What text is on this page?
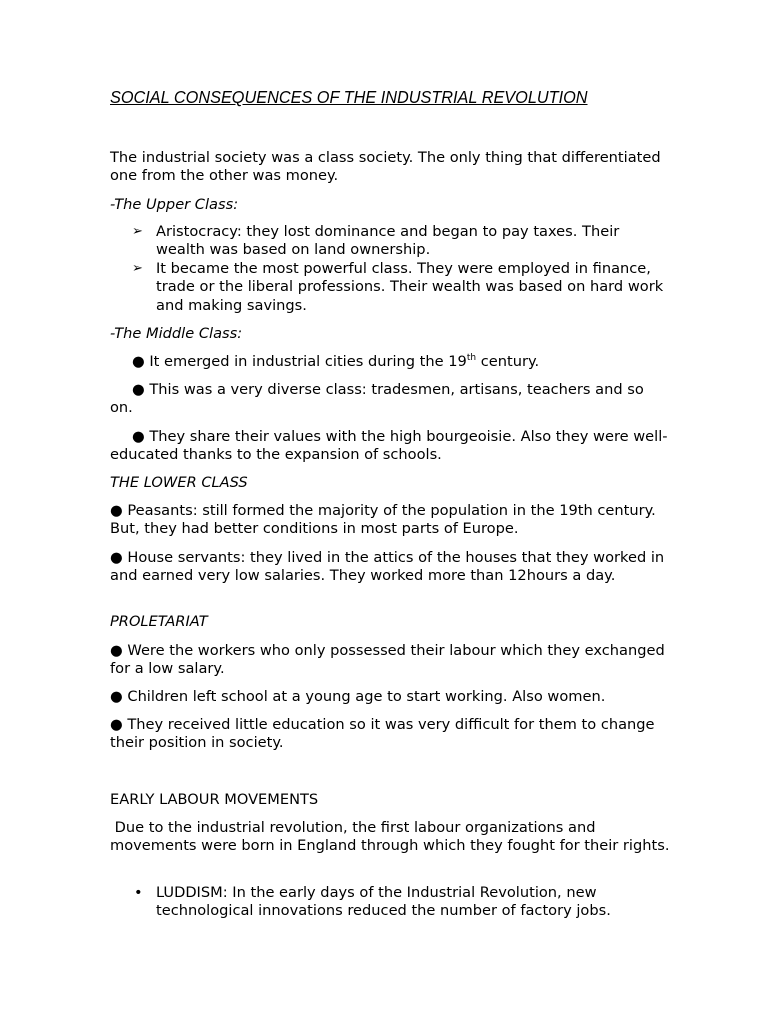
SOCIAL CONSEQUENCES OF THE INDUSTRIAL REVOLUTION

The industrial society was a class society. The only thing that differentiated one from the other was money.

-The Upper Class:

➢ Aristocracy: they lost dominance and began to pay taxes. Their wealth was based on land ownership.
➢ It became the most powerful class. They were employed in finance, trade or the liberal professions. Their wealth was based on hard work and making savings.

-The Middle Class:

● It emerged in industrial cities during the 19th century.

● This was a very diverse class: tradesmen, artisans, teachers and so on.

● They share their values with the high bourgeoisie. Also they were well-educated thanks to the expansion of schools.

THE LOWER CLASS

● Peasants: still formed the majority of the population in the 19th century. But, they had better conditions in most parts of Europe.

● House servants: they lived in the attics of the houses that they worked in and earned very low salaries. They worked more than 12hours a day.

PROLETARIAT

● Were the workers who only possessed their labour which they exchanged for a low salary.

● Children left school at a young age to start working. Also women.

● They received little education so it was very difficult for them to change their position in society.

EARLY LABOUR MOVEMENTS

Due to the industrial revolution, the first labour organizations and movements were born in England through which they fought for their rights.

• LUDDISM: In the early days of the Industrial Revolution, new technological innovations reduced the number of factory jobs.
